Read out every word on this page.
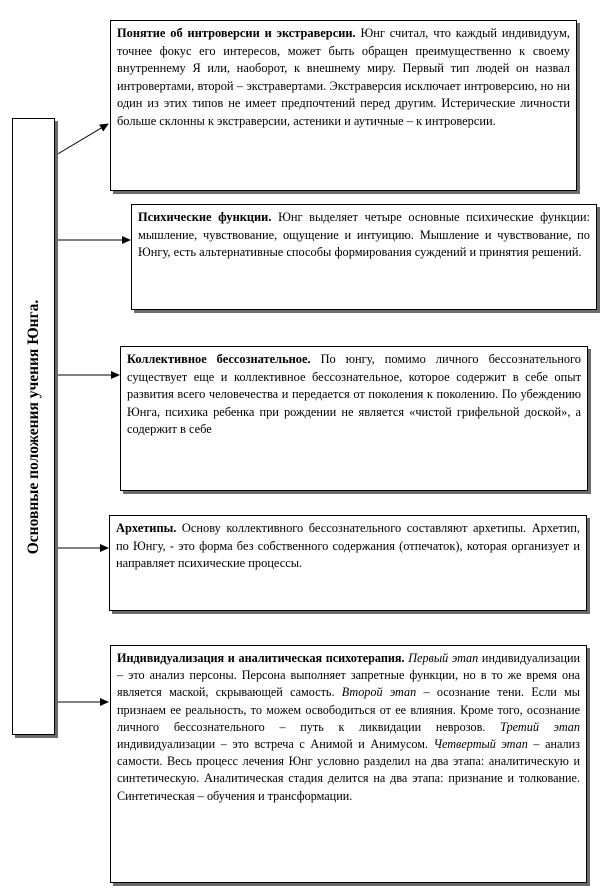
Основные положения учения Юнга.
Понятие об интроверсии и экстраверсии. Юнг считал, что каждый индивидуум, точнее фокус его интересов, может быть обращен преимущественно к своему внутреннему Я или, наоборот, к внешнему миру. Первый тип людей он назвал интровертами, второй – экстравертами. Экстраверсия исключает интроверсию, но ни один из этих типов не имеет предпочтений перед другим. Истерические личности больше склонны к экстраверсии, астеники и аутичные – к интроверсии.
Психические функции. Юнг выделяет четыре основные психические функции: мышление, чувствование, ощущение и интуицию. Мышление и чувствование, по Юнгу, есть альтернативные способы формирования суждений и принятия решений.
Коллективное бессознательное. По юнгу, помимо личного бессознательного существует еще и коллективное бессознательное, которое содержит в себе опыт развития всего человечества и передается от поколения к поколению. По убеждению Юнга, психика ребенка при рождении не является «чистой грифельной доской», а содержит в себе
Архетипы. Основу коллективного бессознательного составляют архетипы. Архетип, по Юнгу, - это форма без собственного содержания (отпечаток), которая организует и направляет психические процессы.
Индивидуализация и аналитическая психотерапия. Первый этап индивидуализации – это анализ персоны. Персона выполняет запретные функции, но в то же время она является маской, скрывающей самость. Второй этап – осознание тени. Если мы признаем ее реальность, то можем освободиться от ее влияния. Кроме того, осознание личного бессознательного – путь к ликвидации неврозов. Третий этап индивидуализации – это встреча с Анимой и Анимусом. Четвертый этап – анализ самости. Весь процесс лечения Юнг условно разделил на два этапа: аналитическую и синтетическую. Аналитическая стадия делится на два этапа: признание и толкование. Синтетическая – обучения и трансформации.
